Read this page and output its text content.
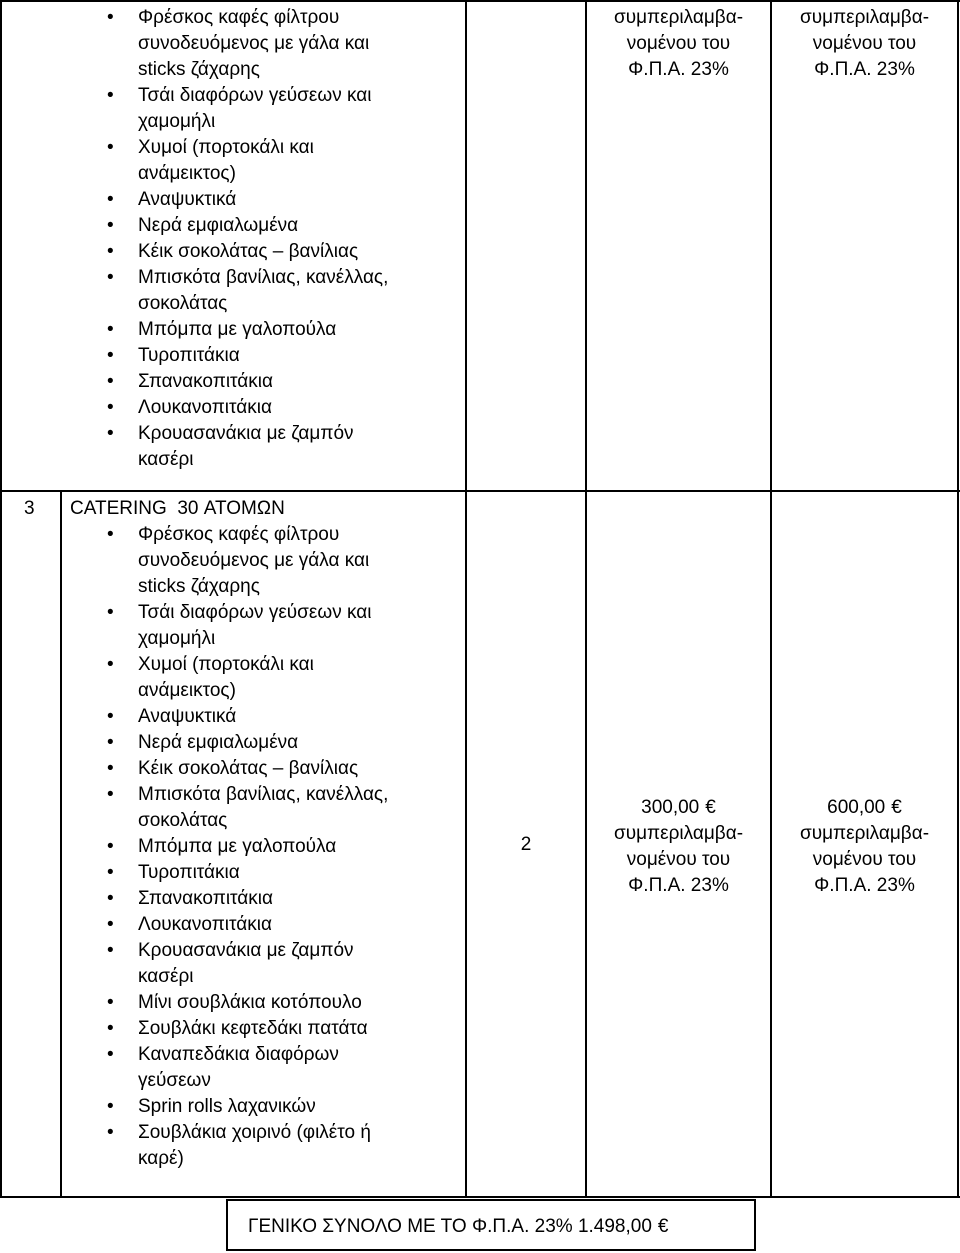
• Φρέσκος καφές φίλτρου
συνοδευόμενος με γάλα και
sticks ζάχαρης
• Τσάι διαφόρων γεύσεων και
χαμομήλι
• Χυμοί (πορτοκάλι και
ανάμεικτος)
• Αναψυκτικά
• Νερά εμφιαλωμένα
• Κέικ σοκολάτας – βανίλιας
• Μπισκότα βανίλιας, κανέλλας,
σοκολάτας
• Μπόμπα με γαλοπούλα
• Τυροπιτάκια
• Σπανακοπιτάκια
• Λουκανοπιτάκια
• Κρουασανάκια με ζαμπόν
κασέρι
συμπεριλαμβα-
νομένου του
Φ.Π.Α. 23%
συμπεριλαμβα-
νομένου του
Φ.Π.Α. 23%
3 CATERING  30 ΑΤΟΜΩΝ
• Φρέσκος καφές φίλτρου
συνοδευόμενος με γάλα και
sticks ζάχαρης
• Τσάι διαφόρων γεύσεων και
χαμομήλι
• Χυμοί (πορτοκάλι και
ανάμεικτος)
• Αναψυκτικά
• Νερά εμφιαλωμένα
• Κέικ σοκολάτας – βανίλιας
• Μπισκότα βανίλιας, κανέλλας,
σοκολάτας
• Μπόμπα με γαλοπούλα
• Τυροπιτάκια
• Σπανακοπιτάκια
• Λουκανοπιτάκια
• Κρουασανάκια με ζαμπόν
κασέρι
• Μίνι σουβλάκια κοτόπουλο
• Σουβλάκι κεφτεδάκι πατάτα
• Καναπεδάκια διαφόρων
γεύσεων
• Sprin rolls λαχανικών
• Σουβλάκια χοιρινό (φιλέτο ή
καρέ)
2
300,00 €
συμπεριλαμβα-
νομένου του
Φ.Π.Α. 23%
600,00 €
συμπεριλαμβα-
νομένου του
Φ.Π.Α. 23%
ΓΕΝΙΚΟ ΣΥΝΟΛΟ ΜΕ ΤΟ Φ.Π.Α. 23% 1.498,00 €
